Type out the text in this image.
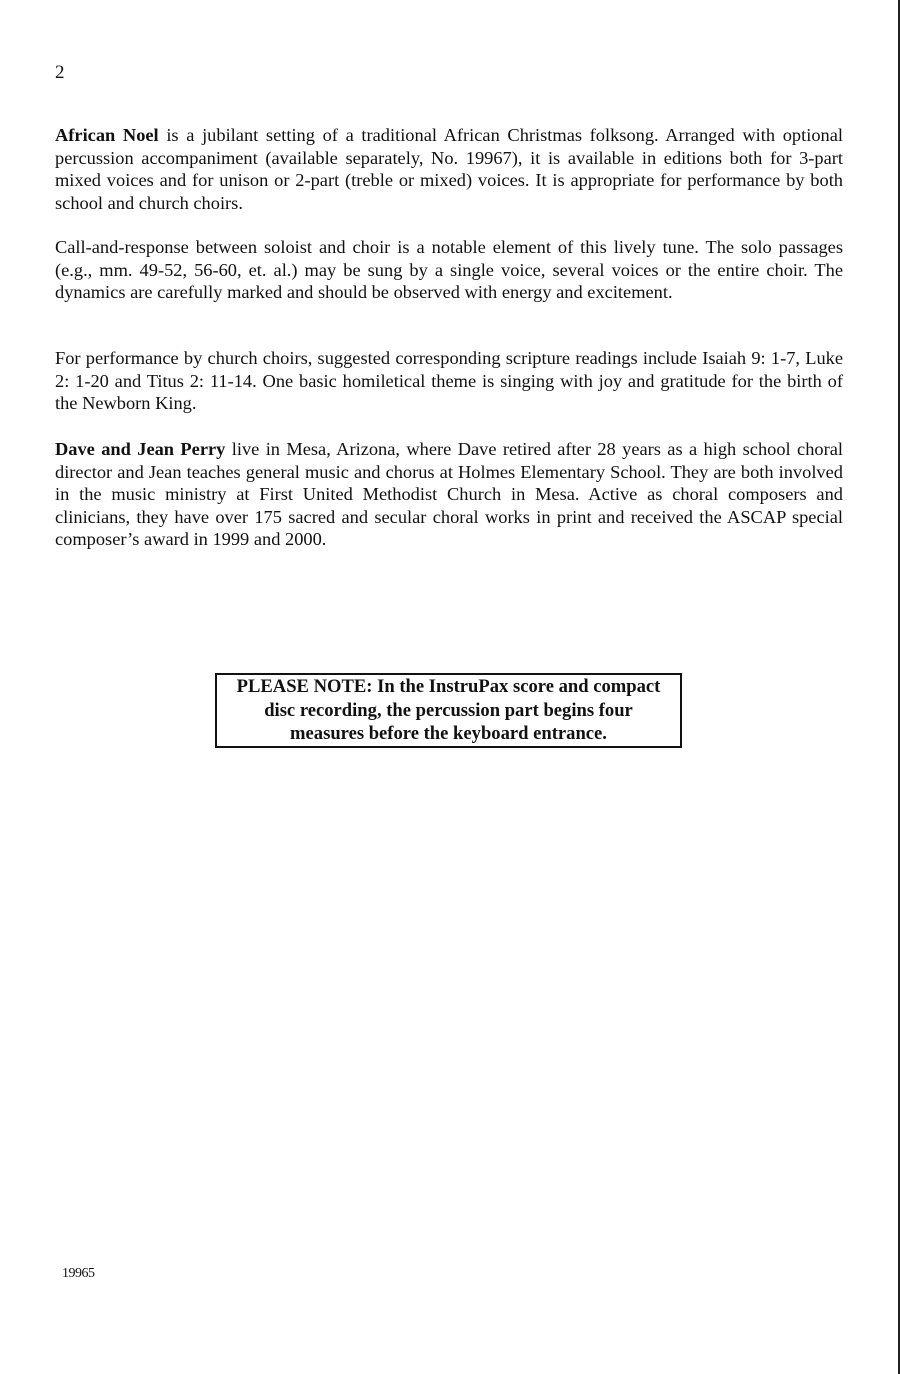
2

African Noel is a jubilant setting of a traditional African Christmas folksong. Arranged with optional percussion accompaniment (available separately, No. 19967), it is available in editions both for 3-part mixed voices and for unison or 2-part (treble or mixed) voices. It is appropriate for performance by both school and church choirs.

Call-and-response between soloist and choir is a notable element of this lively tune. The solo passages (e.g., mm. 49-52, 56-60, et. al.) may be sung by a single voice, several voices or the entire choir. The dynamics are carefully marked and should be observed with energy and excitement.

For performance by church choirs, suggested corresponding scripture readings include Isaiah 9: 1-7, Luke 2: 1-20 and Titus 2: 11-14. One basic homiletical theme is singing with joy and gratitude for the birth of the Newborn King.

Dave and Jean Perry live in Mesa, Arizona, where Dave retired after 28 years as a high school choral director and Jean teaches general music and chorus at Holmes Elementary School. They are both involved in the music ministry at First United Methodist Church in Mesa. Active as choral composers and clinicians, they have over 175 sacred and secular choral works in print and received the ASCAP special composer’s award in 1999 and 2000.

PLEASE NOTE: In the InstruPax score and compact
disc recording, the percussion part begins four
measures before the keyboard entrance.
19965
